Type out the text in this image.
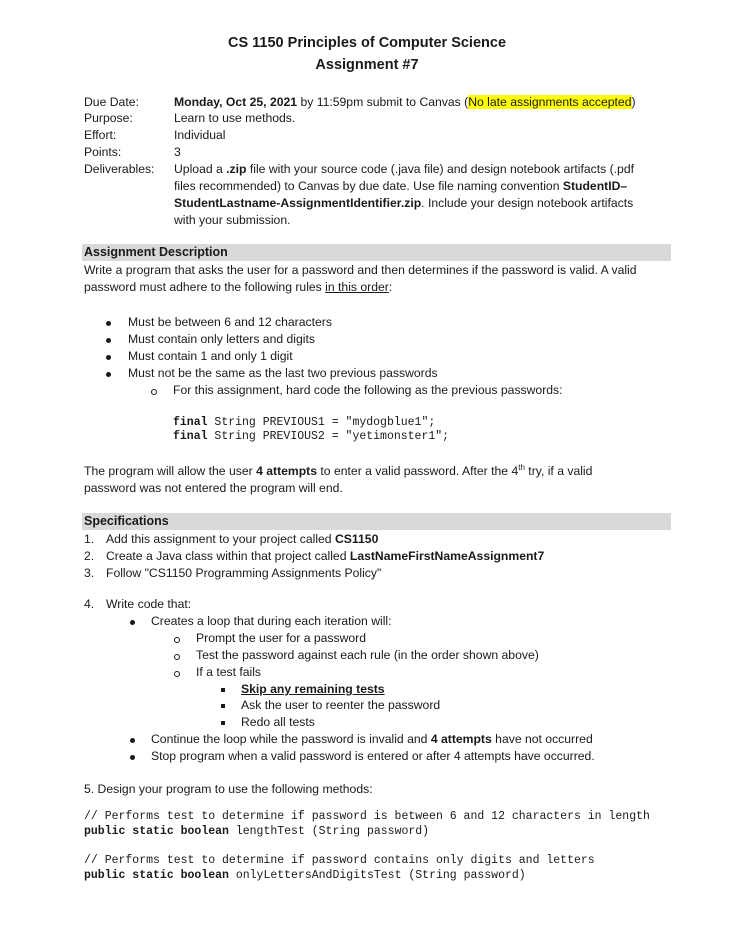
CS 1150 Principles of Computer Science
Assignment #7
Due Date:	Monday, Oct 25, 2021 by 11:59pm submit to Canvas (No late assignments accepted)
Purpose:	Learn to use methods.
Effort:	Individual
Points:	3
Deliverables: Upload a .zip file with your source code (.java file) and design notebook artifacts (.pdf
files recommended) to Canvas by due date. Use file naming convention StudentID–
StudentLastname-AssignmentIdentifier.zip. Include your design notebook artifacts
with your submission.
Assignment Description
Write a program that asks the user for a password and then determines if the password is valid. A valid
password must adhere to the following rules in this order:
Must be between 6 and 12 characters
Must contain only letters and digits
Must contain 1 and only 1 digit
Must not be the same as the last two previous passwords
For this assignment, hard code the following as the previous passwords:
final String PREVIOUS1 = "mydogblue1";
final String PREVIOUS2 = "yetimonster1";
The program will allow the user 4 attempts to enter a valid password. After the 4th try, if a valid
password was not entered the program will end.
Specifications
1. Add this assignment to your project called CS1150
2. Create a Java class within that project called LastNameFirstNameAssignment7
3. Follow "CS1150 Programming Assignments Policy"
4. Write code that:
Creates a loop that during each iteration will:
Prompt the user for a password
Test the password against each rule (in the order shown above)
If a test fails
Skip any remaining tests
Ask the user to reenter the password
Redo all tests
Continue the loop while the password is invalid and 4 attempts have not occurred
Stop program when a valid password is entered or after 4 attempts have occurred.
5. Design your program to use the following methods:
// Performs test to determine if password is between 6 and 12 characters in length
public static boolean lengthTest (String password)
// Performs test to determine if password contains only digits and letters
public static boolean onlyLettersAndDigitsTest (String password)
